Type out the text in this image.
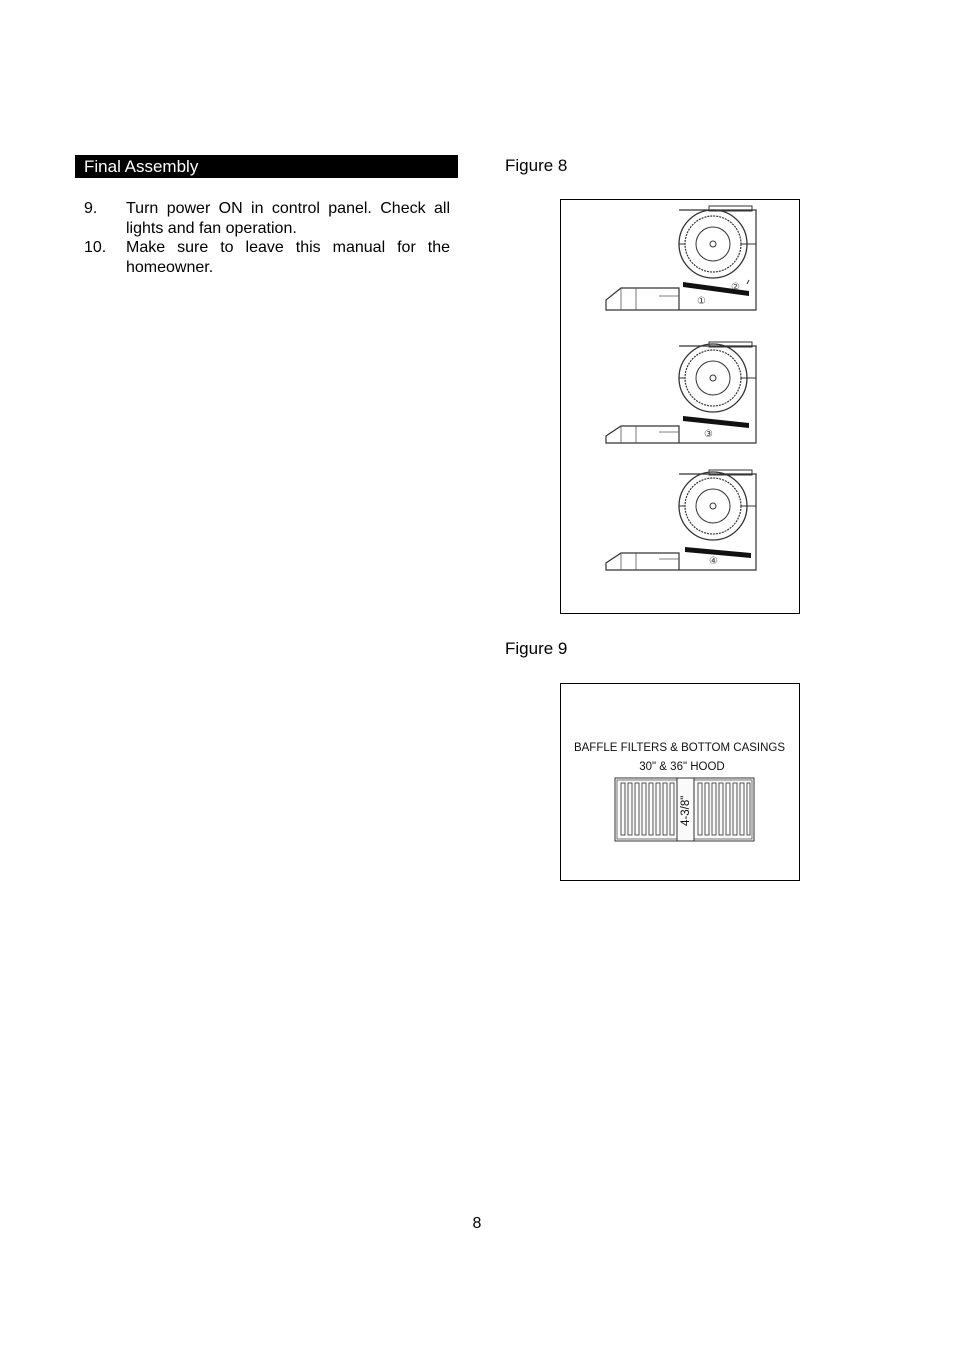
Final Assembly
9.	Turn power ON in control panel. Check all lights and fan operation.
10.	Make sure to leave this manual for the homeowner.
Figure 8
①
②
③
④
Figure 9
BAFFLE FILTERS & BOTTOM CASINGS
30" & 36" HOOD
4-3/8"
8
